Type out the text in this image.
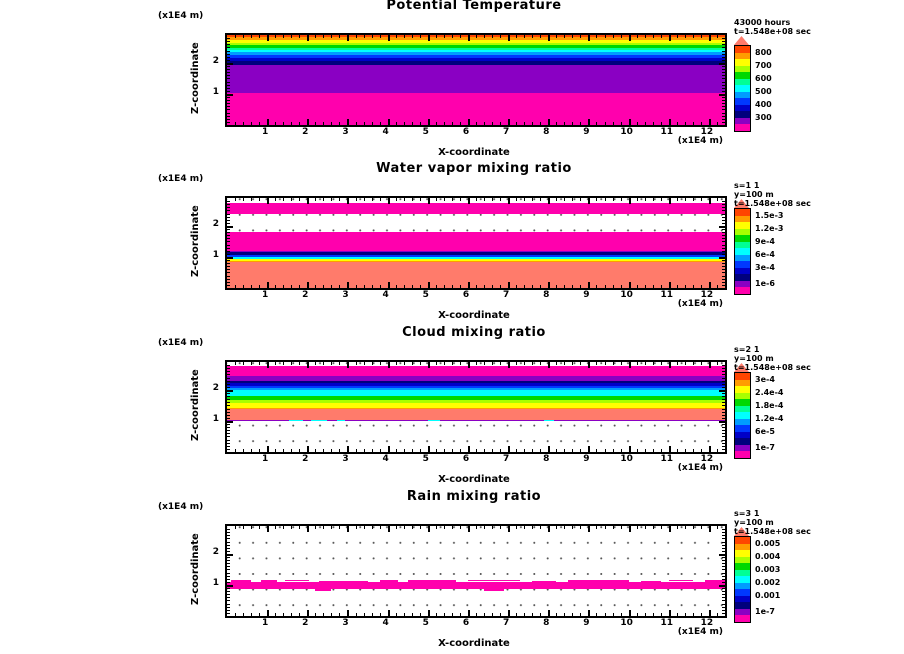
Potential Temperature
(x1E4 m)
Z-coordinate
1	2	3	4	5	6	7	8	9	10	11	12
1
2
(x1E4 m)
X-coordinate
43000 hours
t=1.548e+08 sec
800
700
600
500
400
300
Water vapor mixing ratio
(x1E4 m)
Z-coordinate
1	2	3	4	5	6	7	8	9	10	11	12
1
2
(x1E4 m)
X-coordinate
s=1 1
y=100 m
t=1.548e+08 sec
1.5e-3
1.2e-3
9e-4
6e-4
3e-4
1e-6
Cloud mixing ratio
(x1E4 m)
Z-coordinate
1	2	3	4	5	6	7	8	9	10	11	12
1
2
(x1E4 m)
X-coordinate
s=2 1
y=100 m
t=1.548e+08 sec
3e-4
2.4e-4
1.8e-4
1.2e-4
6e-5
1e-7
Rain mixing ratio
(x1E4 m)
Z-coordinate
1	2	3	4	5	6	7	8	9	10	11	12
1
2
(x1E4 m)
X-coordinate
s=3 1
y=100 m
t=1.548e+08 sec
0.005
0.004
0.003
0.002
0.001
1e-7
